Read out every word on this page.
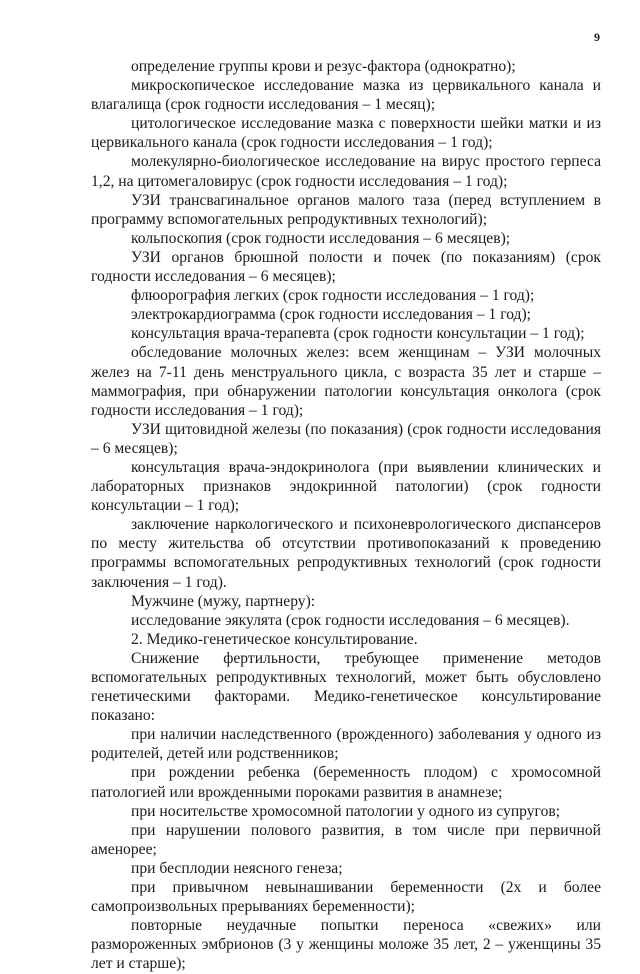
9

определение группы крови и резус-фактора (однократно);

микроскопическое исследование мазка из цервикального канала и влагалища (срок годности исследования – 1 месяц);

цитологическое исследование мазка с поверхности шейки матки и из цервикального канала (срок годности исследования – 1 год);

молекулярно-биологическое исследование на вирус простого герпеса 1,2, на цитомегаловирус (срок годности исследования – 1 год);

УЗИ трансвагинальное органов малого таза (перед вступлением в программу вспомогательных репродуктивных технологий);

кольпоскопия (срок годности исследования – 6 месяцев);

УЗИ органов брюшной полости и почек (по показаниям) (срок годности исследования – 6 месяцев);

флюорография легких (срок годности исследования – 1 год);

электрокардиограмма (срок годности исследования – 1 год);

консультация врача-терапевта (срок годности консультации – 1 год);

обследование молочных желез: всем женщинам – УЗИ молочных желез на 7-11 день менструального цикла, с возраста 35 лет и старше – маммография, при обнаружении патологии консультация онколога (срок годности исследования – 1 год);

УЗИ щитовидной железы (по показания) (срок годности исследования – 6 месяцев);

консультация врача-эндокринолога (при выявлении клинических и лабораторных признаков эндокринной патологии) (срок годности консультации – 1 год);

заключение наркологического и психоневрологического диспансеров по месту жительства об отсутствии противопоказаний к проведению программы вспомогательных репродуктивных технологий (срок годности заключения – 1 год).

Мужчине (мужу, партнеру):

исследование эякулята (срок годности исследования – 6 месяцев).

2. Медико-генетическое консультирование.

Снижение фертильности, требующее применение методов вспомогательных репродуктивных технологий, может быть обусловлено генетическими факторами. Медико-генетическое консультирование показано:

при наличии наследственного (врожденного) заболевания у одного из родителей, детей или родственников;

при рождении ребенка (беременность плодом) с хромосомной патологией или врожденными пороками развития в анамнезе;

при носительстве хромосомной патологии у одного из супругов;

при нарушении полового развития, в том числе при первичной аменорее;

при бесплодии неясного генеза;

при привычном невынашивании беременности (2х и более самопроизвольных прерываниях беременности);

повторные неудачные попытки переноса «свежих» или размороженных эмбрионов (3 у женщины моложе 35 лет, 2 – уженщины 35 лет и старше);
